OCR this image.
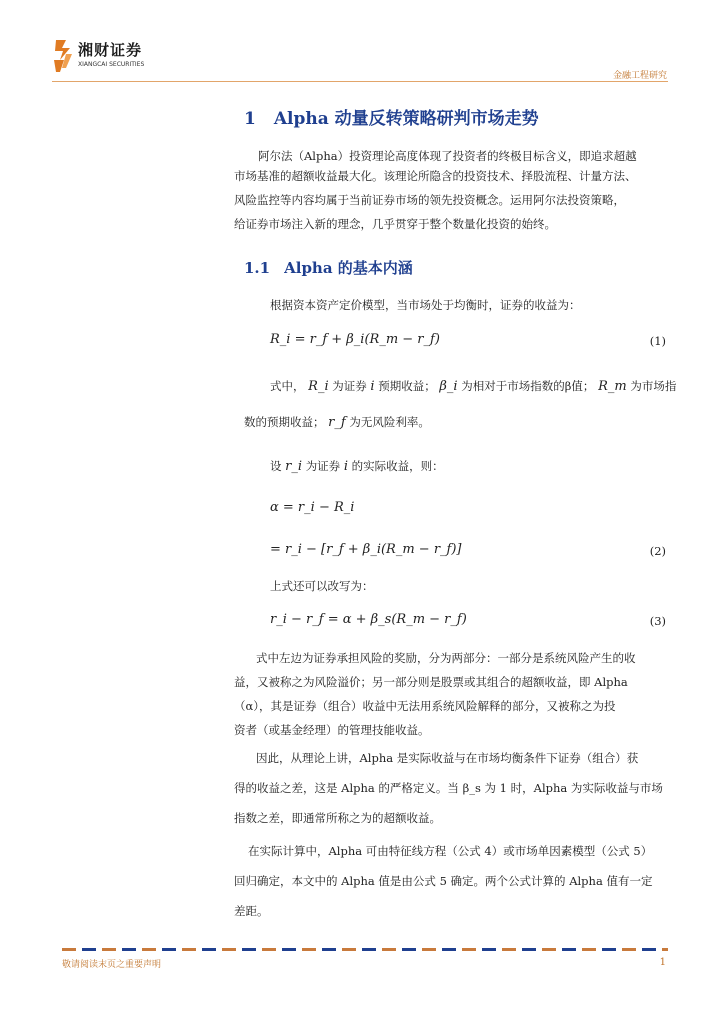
湘财证券
XIANGCAI SECURITIES
金融工程研究
1 Alpha 动量反转策略研判市场走势
阿尔法（Alpha）投资理论高度体现了投资者的终极目标含义，即追求超越
市场基准的超额收益最大化。该理论所隐含的投资技术、择股流程、计量方法、
风险监控等内容均属于当前证券市场的领先投资概念。运用阿尔法投资策略，
给证券市场注入新的理念，几乎贯穿于整个数量化投资的始终。
1.1 Alpha 的基本内涵
根据资本资产定价模型，当市场处于均衡时，证券的收益为：
R_i = r_f + β_i(R_m − r_f)	(1)
式中， R_i 为证券 i 预期收益； β_i 为相对于市场指数的β值； R_m 为市场指
数的预期收益； r_f 为无风险利率。
设 r_i 为证券 i 的实际收益，则：
α = r_i − R_i
= r_i − [r_f + β_i(R_m − r_f)]	(2)
上式还可以改写为：
r_i − r_f = α + β_s(R_m − r_f)	(3)
式中左边为证券承担风险的奖励，分为两部分：一部分是系统风险产生的收
益，又被称之为风险溢价；另一部分则是股票或其组合的超额收益，即 Alpha
（α），其是证券（组合）收益中无法用系统风险解释的部分，又被称之为投
资者（或基金经理）的管理技能收益。
因此，从理论上讲，Alpha 是实际收益与在市场均衡条件下证券（组合）获
得的收益之差，这是 Alpha 的严格定义。当 β_s 为 1 时，Alpha 为实际收益与市场
指数之差，即通常所称之为的超额收益。
在实际计算中，Alpha 可由特征线方程（公式 4）或市场单因素模型（公式 5）
回归确定，本文中的 Alpha 值是由公式 5 确定。两个公式计算的 Alpha 值有一定
差距。
敬请阅读末页之重要声明	1
